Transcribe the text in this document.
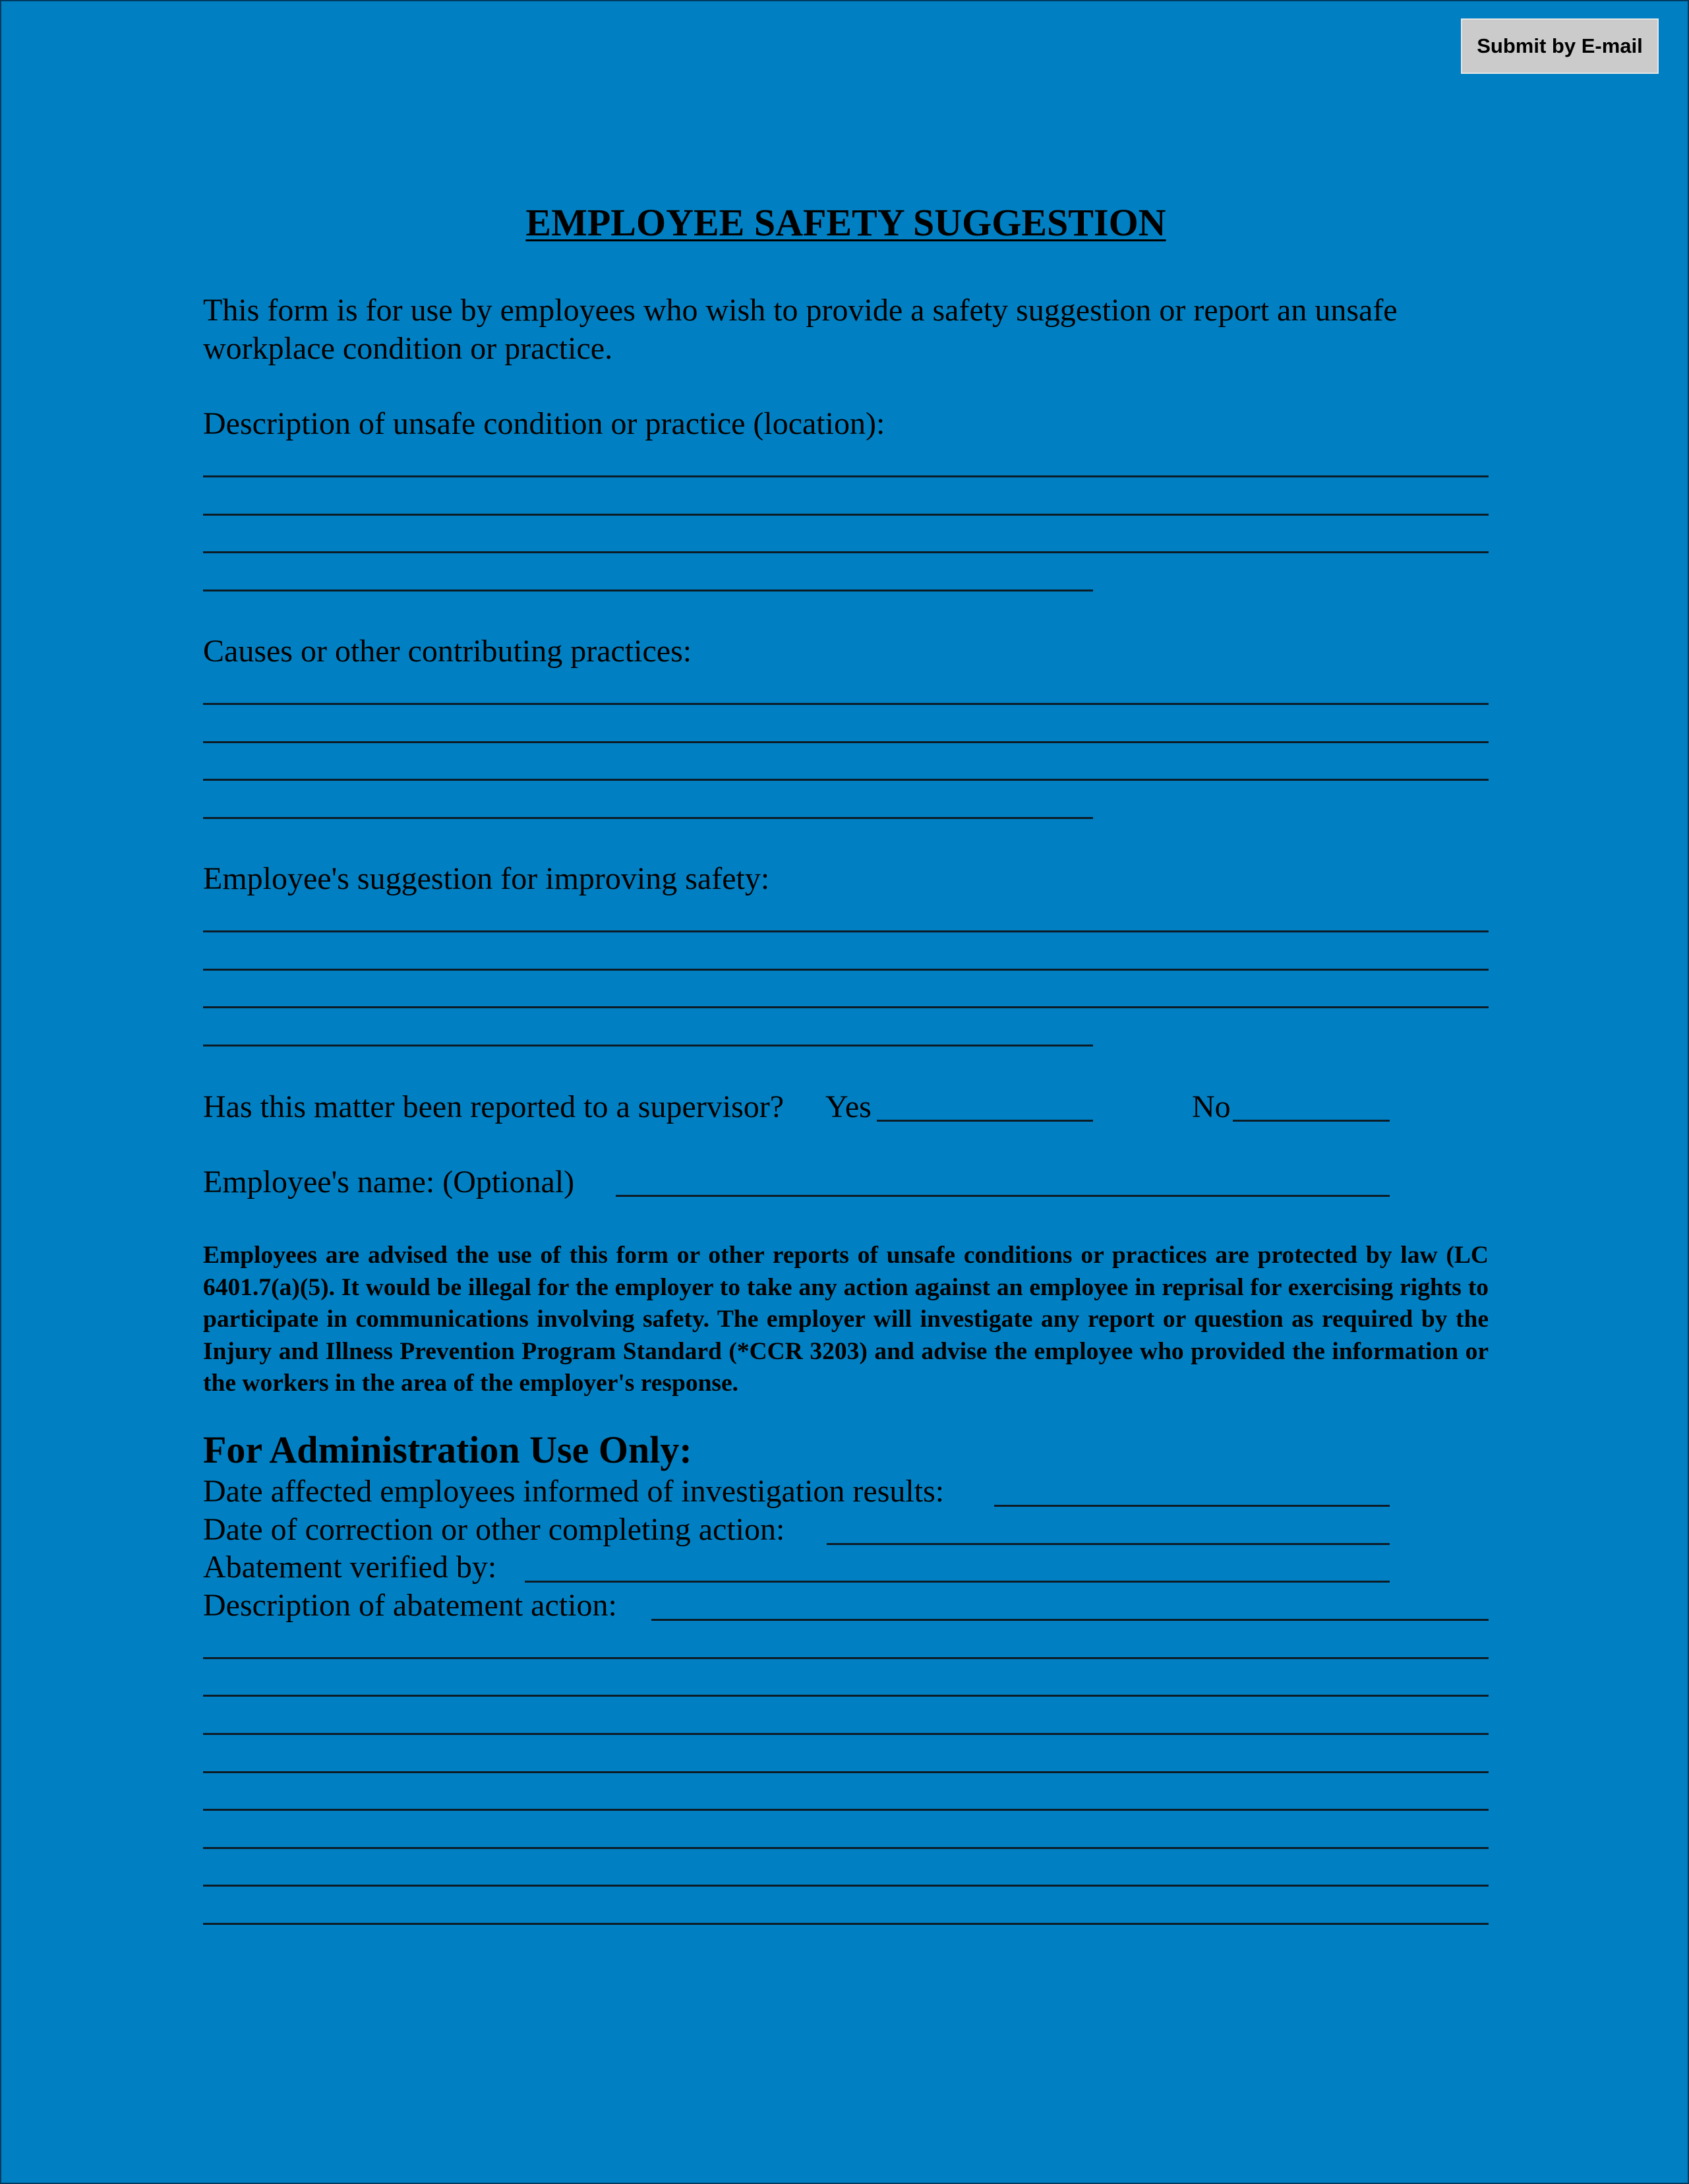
Submit by E-mail
EMPLOYEE SAFETY SUGGESTION
This form is for use by employees who wish to provide a safety suggestion or report an unsafe
workplace condition or practice.
Description of unsafe condition or practice (location):
Causes or other contributing practices:
Employee's suggestion for improving safety:
Has this matter been reported to a supervisor? Yes	No
Employee's name: (Optional)
Employees are advised the use of this form or other reports of unsafe conditions or practices are protected by law (LC 6401.7(a)(5). It would be illegal for the employer to take any action against an employee in reprisal for exercising rights to participate in communications involving safety. The employer will investigate any report or question as required by the Injury and Illness Prevention Program Standard (*CCR 3203) and advise the employee who provided the information or the workers in the area of the employer's response.
For Administration Use Only:
Date affected employees informed of investigation results:
Date of correction or other completing action:
Abatement verified by:
Description of abatement action:
